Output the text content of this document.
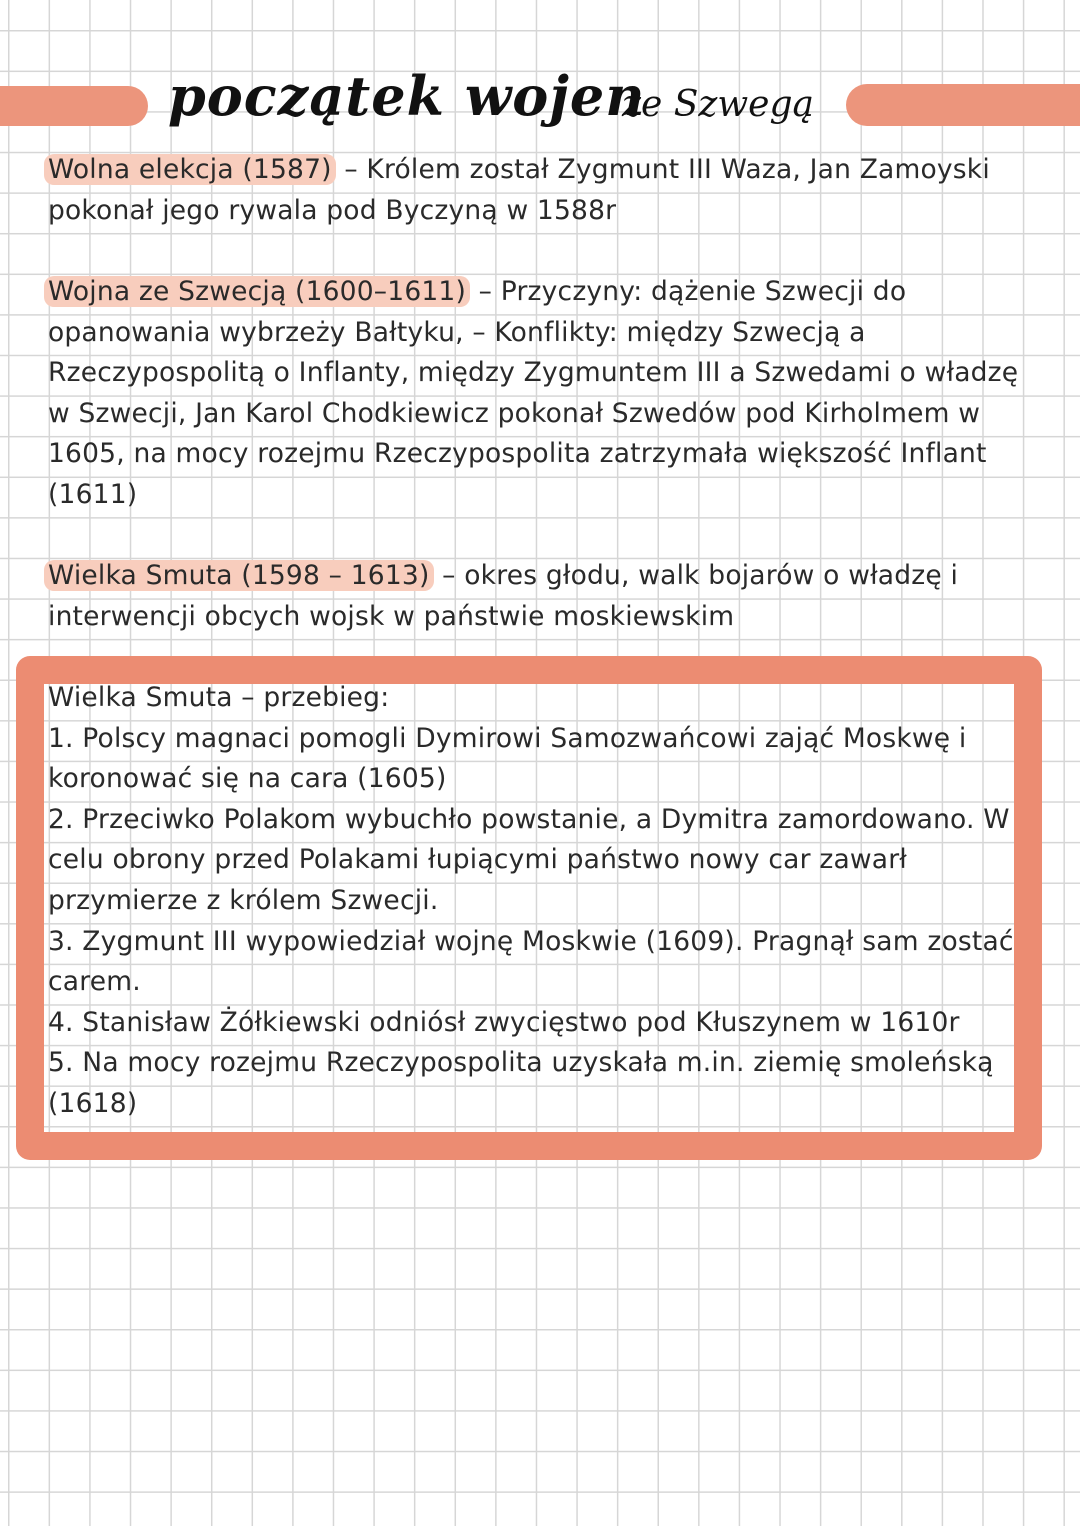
początek wojen
ze Szwegą

Wolna elekcja (1587) – Królem został Zygmunt III Waza, Jan Zamoyski pokonał jego rywala pod Byczyną w 1588r

Wojna ze Szwecją (1600–1611) – Przyczyny: dążenie Szwecji do opanowania wybrzeży Bałtyku, – Konflikty: między Szwecją a Rzeczypospolitą o Inflanty, między Zygmuntem III a Szwedami o władzę w Szwecji, Jan Karol Chodkiewicz pokonał Szwedów pod Kirholmem w 1605, na mocy rozejmu Rzeczypospolita zatrzymała większość Inflant (1611)

Wielka Smuta (1598 – 1613) – okres głodu, walk bojarów o władzę i interwencji obcych wojsk w państwie moskiewskim

Wielka Smuta – przebieg:
1. Polscy magnaci pomogli Dymirowi Samozwańcowi zająć Moskwę i koronować się na cara (1605)
2. Przeciwko Polakom wybuchło powstanie, a Dymitra zamordowano. W celu obrony przed Polakami łupiącymi państwo nowy car zawarł przymierze z królem Szwecji.
3. Zygmunt III wypowiedział wojnę Moskwie (1609). Pragnął sam zostać carem.
4. Stanisław Żółkiewski odniósł zwycięstwo pod Kłuszynem w 1610r
5. Na mocy rozejmu Rzeczypospolita uzyskała m.in. ziemię smoleńską (1618)
